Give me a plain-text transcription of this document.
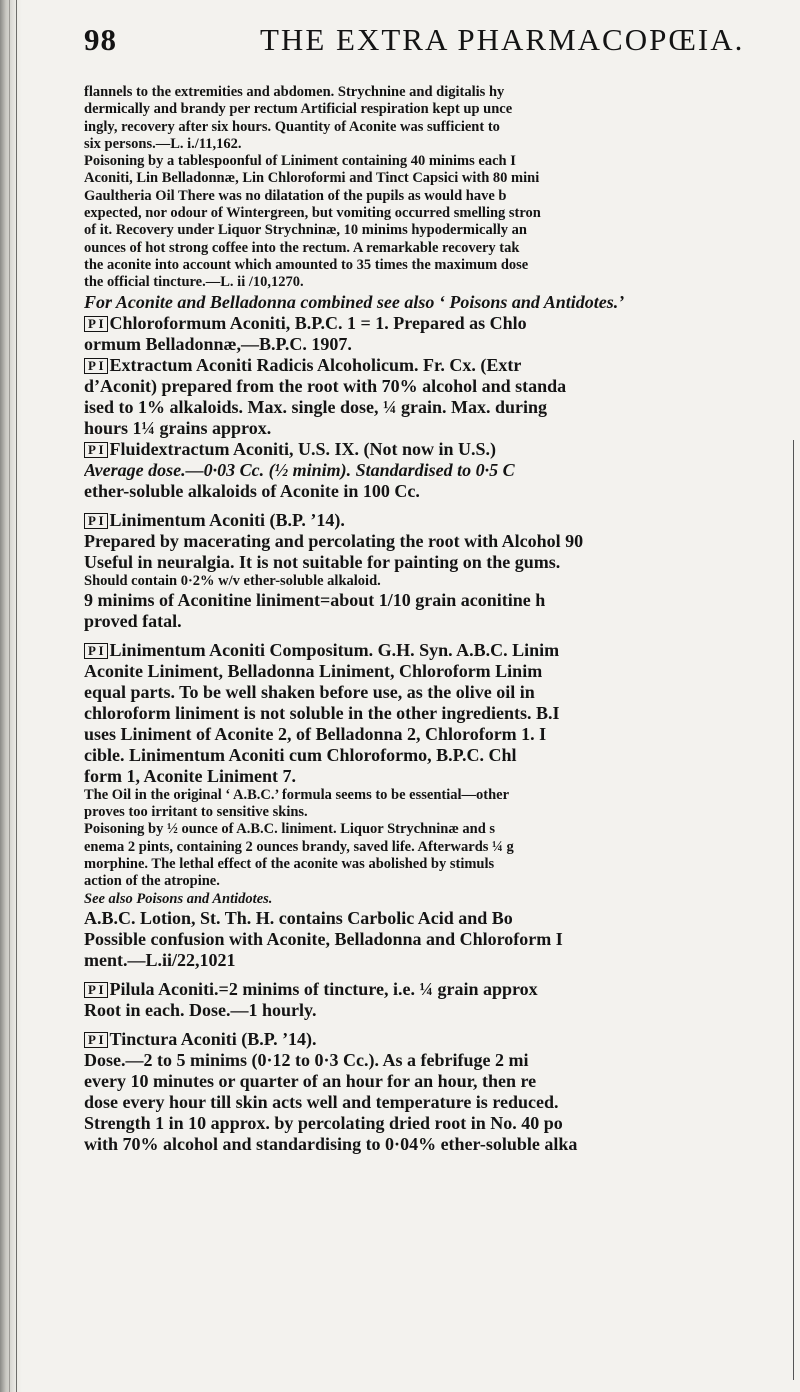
98	THE EXTRA PHARMACOPŒIA.

flannels to the extremities and abdomen. Strychnine and digitalis hy

dermically and brandy per rectum Artificial respiration kept up unce

ingly, recovery after six hours. Quantity of Aconite was sufficient to

six persons.—L. i./11,162.

Poisoning by a tablespoonful of Liniment containing 40 minims each I

Aconiti, Lin Belladonnæ, Lin Chloroformi and Tinct Capsici with 80 mini

Gaultheria Oil There was no dilatation of the pupils as would have b

expected, nor odour of Wintergreen, but vomiting occurred smelling stron

of it. Recovery under Liquor Strychninæ, 10 minims hypodermically an

ounces of hot strong coffee into the rectum. A remarkable recovery tak

the aconite into account which amounted to 35 times the maximum dose

the official tincture.—L. ii /10,1270.

For Aconite and Belladonna combined see also ‘ Poisons and Antidotes.’

P I Chloroformum Aconiti, B.P.C. 1 = 1. Prepared as Chlo

ormum Belladonnæ,—B.P.C. 1907.

P I Extractum Aconiti Radicis Alcoholicum. Fr. Cx. (Extr

d’Aconit) prepared from the root with 70% alcohol and standa

ised to 1% alkaloids. Max. single dose, ¼ grain. Max. during

hours 1¼ grains approx.

P I Fluidextractum Aconiti, U.S. IX. (Not now in U.S.)

Average dose.—0·03 Cc. (½ minim). Standardised to 0·5 C

ether-soluble alkaloids of Aconite in 100 Cc.

P I Linimentum Aconiti (B.P. ’14).

Prepared by macerating and percolating the root with Alcohol 90

Useful in neuralgia. It is not suitable for painting on the gums.

Should contain 0·2% w/v ether-soluble alkaloid.

9 minims of Aconitine liniment=about 1/10 grain aconitine h

proved fatal.

P I Linimentum Aconiti Compositum. G.H. Syn. A.B.C. Linim

Aconite Liniment, Belladonna Liniment, Chloroform Linim

equal parts. To be well shaken before use, as the olive oil in

chloroform liniment is not soluble in the other ingredients. B.I

uses Liniment of Aconite 2, of Belladonna 2, Chloroform 1. I

cible. Linimentum Aconiti cum Chloroformo, B.P.C. Chl

form 1, Aconite Liniment 7.

The Oil in the original ‘ A.B.C.’ formula seems to be essential—other

proves too irritant to sensitive skins.

Poisoning by ½ ounce of A.B.C. liniment. Liquor Strychninæ and s

enema 2 pints, containing 2 ounces brandy, saved life. Afterwards ¼ g

morphine. The lethal effect of the aconite was abolished by stimuls

action of the atropine.

See also Poisons and Antidotes.

A.B.C. Lotion, St. Th. H. contains Carbolic Acid and Bo

Possible confusion with Aconite, Belladonna and Chloroform I

ment.—L.ii/22,1021

P I Pilula Aconiti.=2 minims of tincture, i.e. ¼ grain approx

Root in each. Dose.—1 hourly.

P I Tinctura Aconiti (B.P. ’14).

Dose.—2 to 5 minims (0·12 to 0·3 Cc.). As a febrifuge 2 mi

every 10 minutes or quarter of an hour for an hour, then re

dose every hour till skin acts well and temperature is reduced.

Strength 1 in 10 approx. by percolating dried root in No. 40 po

with 70% alcohol and standardising to 0·04% ether-soluble alka
